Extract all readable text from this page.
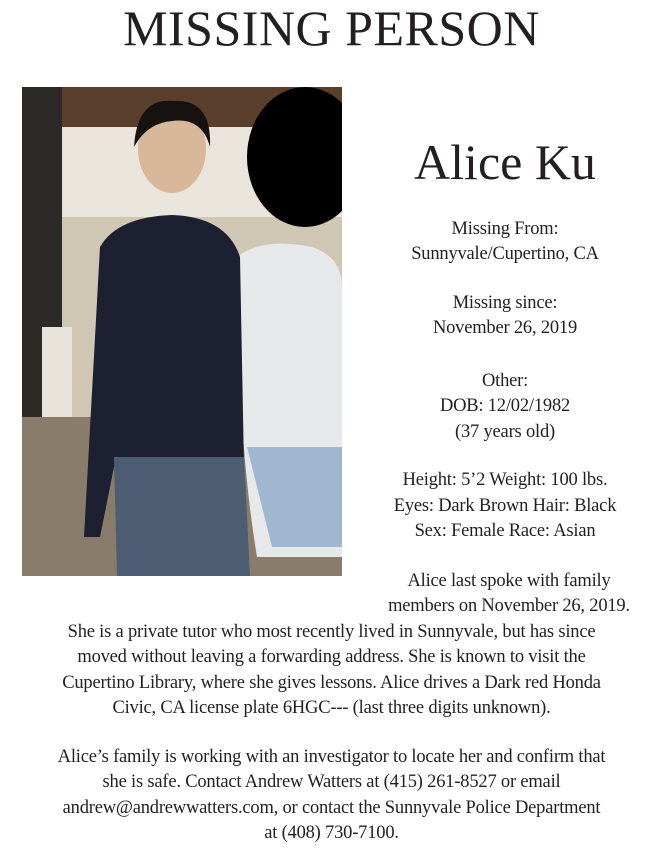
MISSING PERSON
Alice Ku
Missing From:
Sunnyvale/Cupertino, CA
Missing since:
November 26, 2019
Other:
DOB: 12/02/1982
(37 years old)
Height: 5’2 Weight: 100 lbs.
Eyes: Dark Brown Hair: Black
Sex: Female Race: Asian
Alice last spoke with family
members on November 26, 2019.
She is a private tutor who most recently lived in Sunnyvale, but has since
moved without leaving a forwarding address. She is known to visit the
Cupertino Library, where she gives lessons. Alice drives a Dark red Honda
Civic, CA license plate 6HGC--- (last three digits unknown).
Alice’s family is working with an investigator to locate her and confirm that
she is safe. Contact Andrew Watters at (415) 261-8527 or email
andrew@andrewwatters.com, or contact the Sunnyvale Police Department
at (408) 730-7100.
